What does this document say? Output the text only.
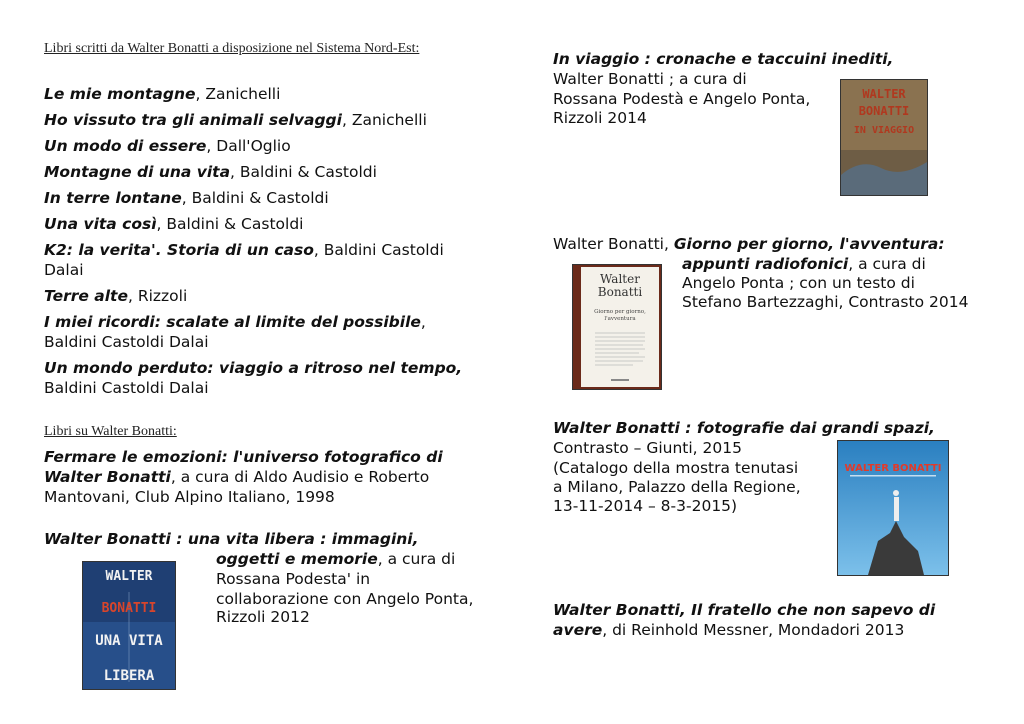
Libri scritti da Walter Bonatti a disposizione nel Sistema Nord-Est:
Le mie montagne, Zanichelli
Ho vissuto tra gli animali selvaggi, Zanichelli
Un modo di essere, Dall'Oglio
Montagne di una vita, Baldini & Castoldi
In terre lontane, Baldini & Castoldi
Una vita così, Baldini & Castoldi
K2: la verita'. Storia di un caso, Baldini Castoldi
Dalai
Terre alte, Rizzoli
I miei ricordi: scalate al limite del possibile,
Baldini Castoldi Dalai
Un mondo perduto: viaggio a ritroso nel tempo,
Baldini Castoldi Dalai
Libri su Walter Bonatti:
Fermare le emozioni: l'universo fotografico di
Walter Bonatti, a cura di Aldo Audisio e Roberto
Mantovani, Club Alpino Italiano, 1998
Walter Bonatti : una vita libera : immagini,
oggetti e memorie, a cura di
Rossana Podesta' in
collaborazione con Angelo Ponta,
Rizzoli 2012
WALTER
BONATTI
UNA VITA
LIBERA
In viaggio : cronache e taccuini inediti,
Walter Bonatti ; a cura di
Rossana Podestà e Angelo Ponta,
Rizzoli 2014
WALTER
BONATTI
IN VIAGGIO
Walter Bonatti, Giorno per giorno, l'avventura:
appunti radiofonici, a cura di
Angelo Ponta ; con un testo di
Stefano Bartezzaghi, Contrasto 2014
Walter
Bonatti
Giorno per giorno,
l'avventura
Walter Bonatti : fotografie dai grandi spazi,
Contrasto – Giunti, 2015
(Catalogo della mostra tenutasi
a Milano, Palazzo della Regione,
13-11-2014 – 8-3-2015)
WALTER BONATTI
Walter Bonatti, Il fratello che non sapevo di
avere, di Reinhold Messner, Mondadori 2013
